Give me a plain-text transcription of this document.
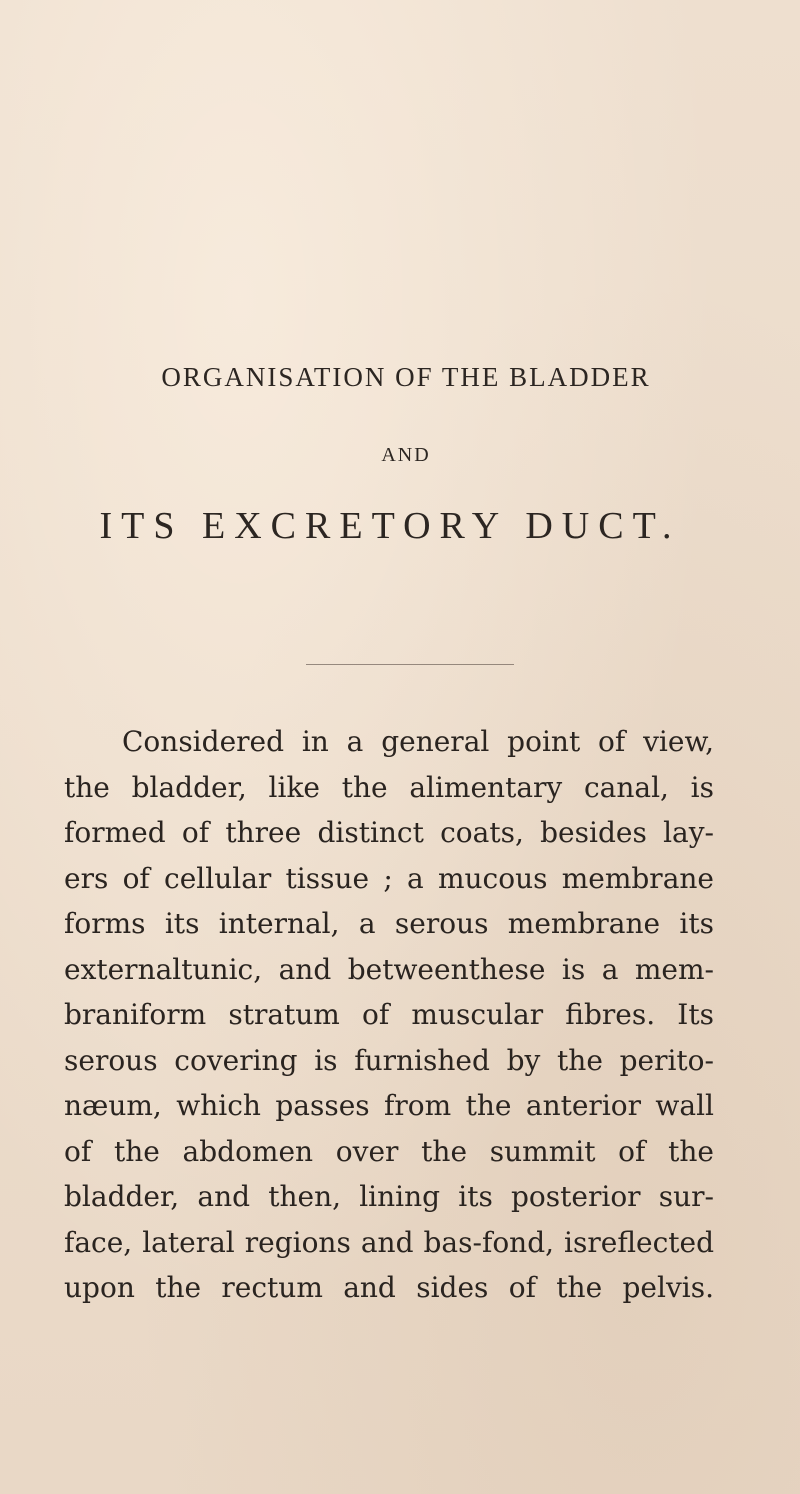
ORGANISATION OF THE BLADDER
AND
ITS EXCRETORY DUCT.
Considered in a general point of view,
the bladder, like the alimentary canal, is
formed of three distinct coats, besides lay-
ers of cellular tissue ; a mucous membrane
forms its internal, a serous membrane its
externaltunic, and betweenthese is a mem-
braniform stratum of muscular fibres. Its
serous covering is furnished by the perito-
næum, which passes from the anterior wall
of the abdomen over the summit of the
bladder, and then, lining its posterior sur-
face, lateral regions and bas-fond, isreflected
upon the rectum and sides of the pelvis.
